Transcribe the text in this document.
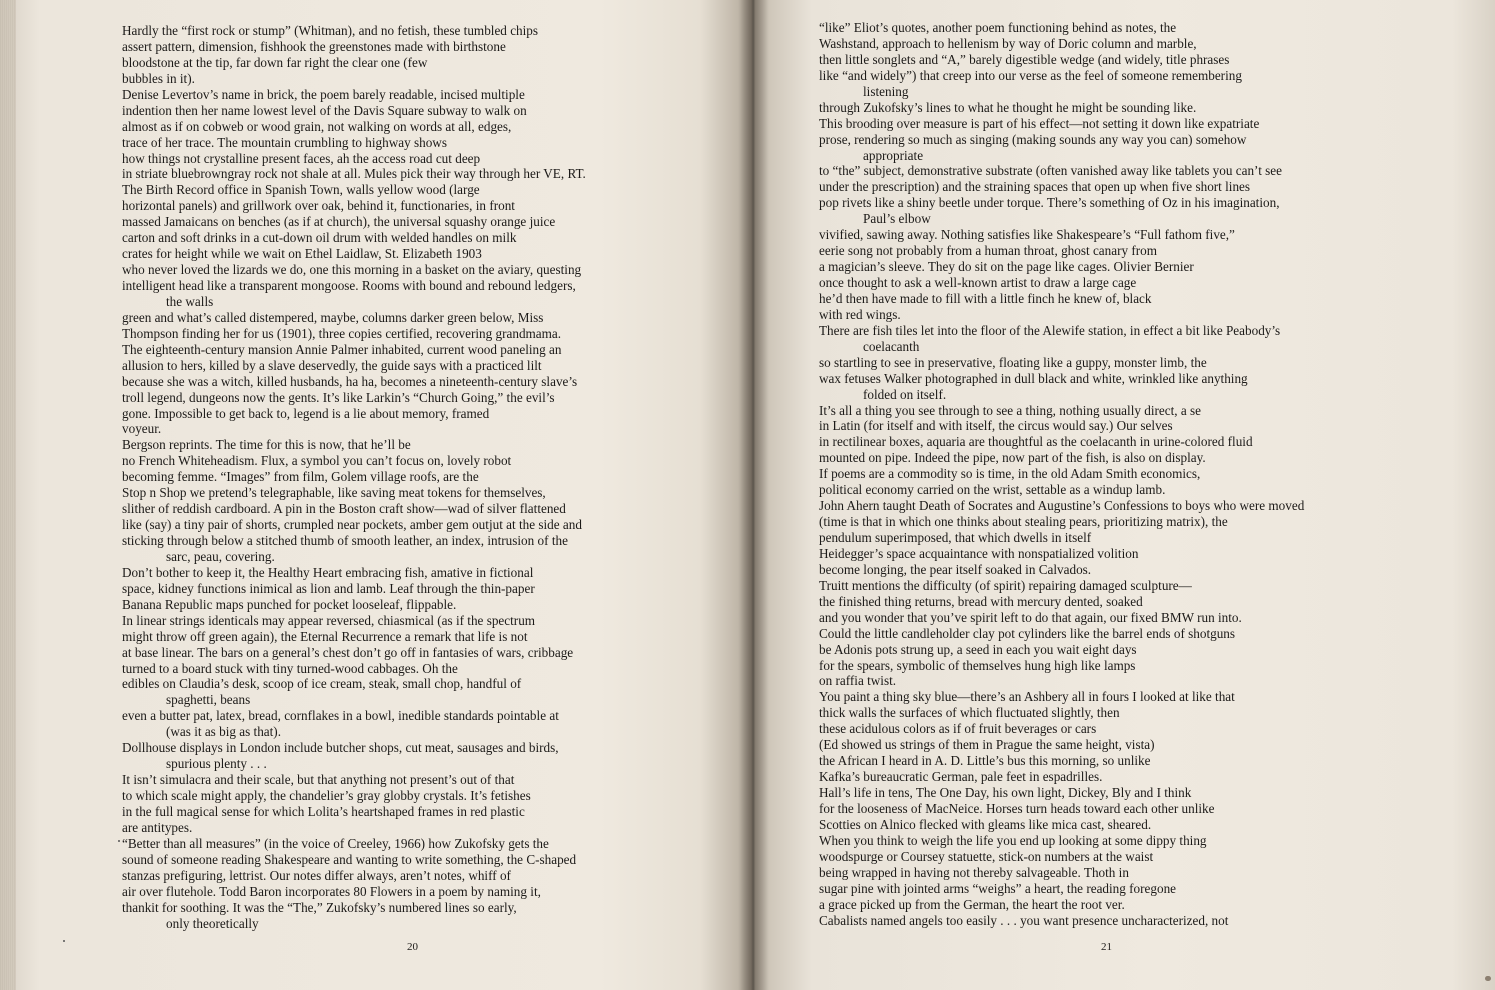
Hardly the “first rock or stump” (Whitman), and no fetish, these tumbled chips
assert pattern, dimension, fishhook the greenstones made with birthstone
bloodstone at the tip, far down far right the clear one (few
bubbles in it).
Denise Levertov’s name in brick, the poem barely readable, incised multiple
indention then her name lowest level of the Davis Square subway to walk on
almost as if on cobweb or wood grain, not walking on words at all, edges,
trace of her trace. The mountain crumbling to highway shows
how things not crystalline present faces, ah the access road cut deep
in striate bluebrowngray rock not shale at all. Mules pick their way through her VE, RT.
The Birth Record office in Spanish Town, walls yellow wood (large
horizontal panels) and grillwork over oak, behind it, functionaries, in front
massed Jamaicans on benches (as if at church), the universal squashy orange juice
carton and soft drinks in a cut-down oil drum with welded handles on milk
crates for height while we wait on Ethel Laidlaw, St. Elizabeth 1903
who never loved the lizards we do, one this morning in a basket on the aviary, questing
intelligent head like a transparent mongoose. Rooms with bound and rebound ledgers,
the walls
green and what’s called distempered, maybe, columns darker green below, Miss
Thompson finding her for us (1901), three copies certified, recovering grandmama.
The eighteenth-century mansion Annie Palmer inhabited, current wood paneling an
allusion to hers, killed by a slave deservedly, the guide says with a practiced lilt
because she was a witch, killed husbands, ha ha, becomes a nineteenth-century slave’s
troll legend, dungeons now the gents. It’s like Larkin’s “Church Going,” the evil’s
gone. Impossible to get back to, legend is a lie about memory, framed
voyeur.
Bergson reprints. The time for this is now, that he’ll be
no French Whiteheadism. Flux, a symbol you can’t focus on, lovely robot
becoming femme. “Images” from film, Golem village roofs, are the
Stop n Shop we pretend’s telegraphable, like saving meat tokens for themselves,
slither of reddish cardboard. A pin in the Boston craft show—wad of silver flattened
like (say) a tiny pair of shorts, crumpled near pockets, amber gem outjut at the side and
sticking through below a stitched thumb of smooth leather, an index, intrusion of the
sarc, peau, covering.
Don’t bother to keep it, the Healthy Heart embracing fish, amative in fictional
space, kidney functions inimical as lion and lamb. Leaf through the thin-paper
Banana Republic maps punched for pocket looseleaf, flippable.
In linear strings identicals may appear reversed, chiasmical (as if the spectrum
might throw off green again), the Eternal Recurrence a remark that life is not
at base linear. The bars on a general’s chest don’t go off in fantasies of wars, cribbage
turned to a board stuck with tiny turned-wood cabbages. Oh the
edibles on Claudia’s desk, scoop of ice cream, steak, small chop, handful of
spaghetti, beans
even a butter pat, latex, bread, cornflakes in a bowl, inedible standards pointable at
(was it as big as that).
Dollhouse displays in London include butcher shops, cut meat, sausages and birds,
spurious plenty . . .
It isn’t simulacra and their scale, but that anything not present’s out of that
to which scale might apply, the chandelier’s gray globby crystals. It’s fetishes
in the full magical sense for which Lolita’s heartshaped frames in red plastic
are antitypes.
“Better than all measures” (in the voice of Creeley, 1966) how Zukofsky gets the
sound of someone reading Shakespeare and wanting to write something, the C-shaped
stanzas prefiguring, lettrist. Our notes differ always, aren’t notes, whiff of
air over flutehole. Todd Baron incorporates 80 Flowers in a poem by naming it,
thankit for soothing. It was the “The,” Zukofsky’s numbered lines so early,
only theoretically
20
“like” Eliot’s quotes, another poem functioning behind as notes, the
Washstand, approach to hellenism by way of Doric column and marble,
then little songlets and “A,” barely digestible wedge (and widely, title phrases
like “and widely”) that creep into our verse as the feel of someone remembering
listening
through Zukofsky’s lines to what he thought he might be sounding like.
This brooding over measure is part of his effect—not setting it down like expatriate
prose, rendering so much as singing (making sounds any way you can) somehow
appropriate
to “the” subject, demonstrative substrate (often vanished away like tablets you can’t see
under the prescription) and the straining spaces that open up when five short lines
pop rivets like a shiny beetle under torque. There’s something of Oz in his imagination,
Paul’s elbow
vivified, sawing away. Nothing satisfies like Shakespeare’s “Full fathom five,”
eerie song not probably from a human throat, ghost canary from
a magician’s sleeve. They do sit on the page like cages. Olivier Bernier
once thought to ask a well-known artist to draw a large cage
he’d then have made to fill with a little finch he knew of, black
with red wings.
There are fish tiles let into the floor of the Alewife station, in effect a bit like Peabody’s
coelacanth
so startling to see in preservative, floating like a guppy, monster limb, the
wax fetuses Walker photographed in dull black and white, wrinkled like anything
folded on itself.
It’s all a thing you see through to see a thing, nothing usually direct, a se
in Latin (for itself and with itself, the circus would say.) Our selves
in rectilinear boxes, aquaria are thoughtful as the coelacanth in urine-colored fluid
mounted on pipe. Indeed the pipe, now part of the fish, is also on display.
If poems are a commodity so is time, in the old Adam Smith economics,
political economy carried on the wrist, settable as a windup lamb.
John Ahern taught Death of Socrates and Augustine’s Confessions to boys who were moved
(time is that in which one thinks about stealing pears, prioritizing matrix), the
pendulum superimposed, that which dwells in itself
Heidegger’s space acquaintance with nonspatialized volition
become longing, the pear itself soaked in Calvados.
Truitt mentions the difficulty (of spirit) repairing damaged sculpture—
the finished thing returns, bread with mercury dented, soaked
and you wonder that you’ve spirit left to do that again, our fixed BMW run into.
Could the little candleholder clay pot cylinders like the barrel ends of shotguns
be Adonis pots strung up, a seed in each you wait eight days
for the spears, symbolic of themselves hung high like lamps
on raffia twist.
You paint a thing sky blue—there’s an Ashbery all in fours I looked at like that
thick walls the surfaces of which fluctuated slightly, then
these acidulous colors as if of fruit beverages or cars
(Ed showed us strings of them in Prague the same height, vista)
the African I heard in A. D. Little’s bus this morning, so unlike
Kafka’s bureaucratic German, pale feet in espadrilles.
Hall’s life in tens, The One Day, his own light, Dickey, Bly and I think
for the looseness of MacNeice. Horses turn heads toward each other unlike
Scotties on Alnico flecked with gleams like mica cast, sheared.
When you think to weigh the life you end up looking at some dippy thing
woodspurge or Coursey statuette, stick-on numbers at the waist
being wrapped in having not thereby salvageable. Thoth in
sugar pine with jointed arms “weighs” a heart, the reading foregone
a grace picked up from the German, the heart the root ver.
Cabalists named angels too easily . . . you want presence uncharacterized, not
21
